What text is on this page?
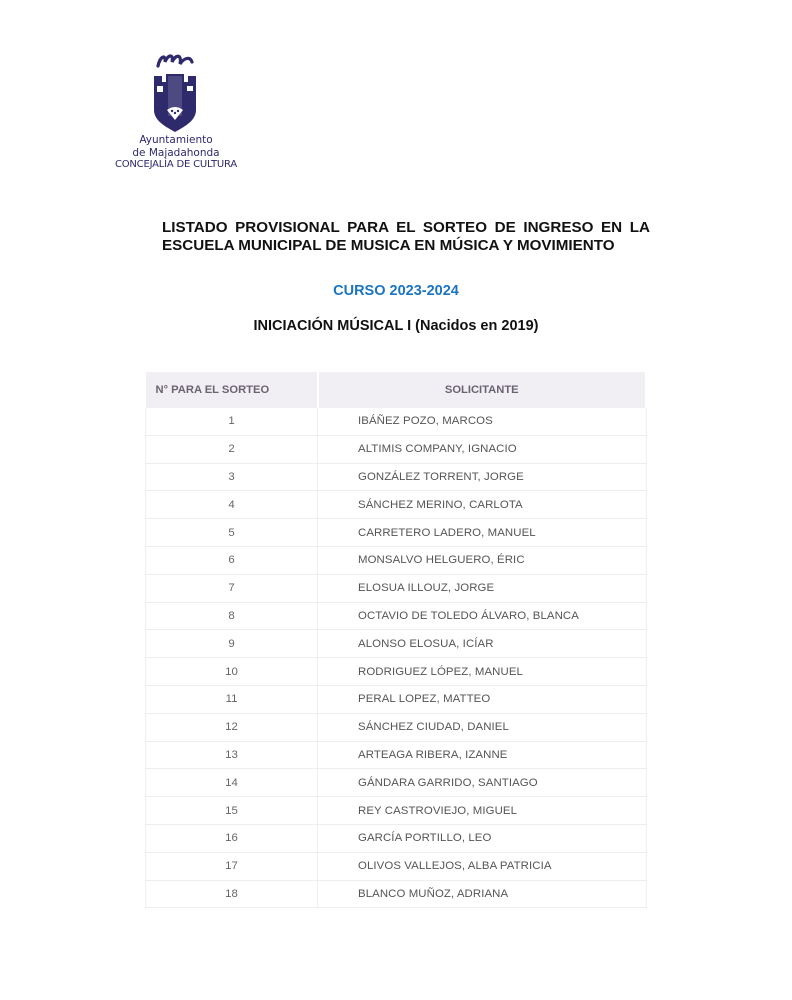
Ayuntamiento
de Majadahonda
CONCEJALÍA DE CULTURA
LISTADO PROVISIONAL PARA EL SORTEO DE INGRESO EN LA
ESCUELA MUNICIPAL DE MUSICA EN MÚSICA Y MOVIMIENTO
CURSO 2023-2024
INICIACIÓN MÚSICAL I (Nacidos en 2019)
N° PARA EL SORTEO	SOLICITANTE
1	IBÁÑEZ POZO, MARCOS
2	ALTIMIS COMPANY, IGNACIO
3	GONZÁLEZ TORRENT, JORGE
4	SÁNCHEZ MERINO, CARLOTA
5	CARRETERO LADERO, MANUEL
6	MONSALVO HELGUERO, ÉRIC
7	ELOSUA ILLOUZ, JORGE
8	OCTAVIO DE TOLEDO ÁLVARO, BLANCA
9	ALONSO ELOSUA, ICÍAR
10	RODRIGUEZ LÓPEZ, MANUEL
11	PERAL LOPEZ, MATTEO
12	SÁNCHEZ CIUDAD, DANIEL
13	ARTEAGA RIBERA, IZANNE
14	GÁNDARA GARRIDO, SANTIAGO
15	REY CASTROVIEJO, MIGUEL
16	GARCÍA PORTILLO, LEO
17	OLIVOS VALLEJOS, ALBA PATRICIA
18	BLANCO MUÑOZ, ADRIANA
